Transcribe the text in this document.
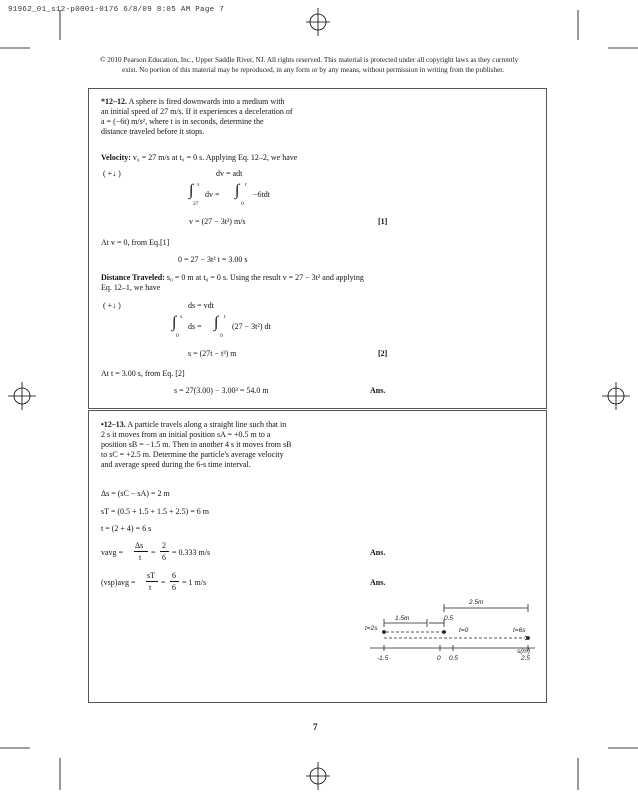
91962_01_s12-p0001-0176 6/8/09 8:05 AM Page 7
© 2010 Pearson Education, Inc., Upper Saddle River, NJ. All rights reserved. This material is protected under all copyright laws as they currently
exist. No portion of this material may be reproduced, in any form or by any means, without permission in writing from the publisher.
*12–12. A sphere is fired downwards into a medium with
an initial speed of 27 m/s. If it experiences a deceleration of
a = (−6t) m/s², where t is in seconds, determine the
distance traveled before it stops.
Velocity: v₀ = 27 m/s at t₀ = 0 s. Applying Eq. 12–2, we have
( +↓ )	dv = adt
∫ v
27
dv = ∫ t
0
−6tdt
v = (27 − 3t²) m/s	[1]
At v = 0, from Eq.[1]
0 = 27 − 3t² t = 3.00 s
Distance Traveled: s₀ = 0 m at t₀ = 0 s. Using the result v = 27 − 3t² and applying
Eq. 12–1, we have
( +↓ )	ds = vdt
∫ s
0
ds = ∫ t
0
(27 − 3t²) dt
s = (27t − t³) m	[2]
At t = 3.00 s, from Eq. [2]
s = 27(3.00) − 3.00³ = 54.0 m	Ans.
•12–13. A particle travels along a straight line such that in
2 s it moves from an initial position sA = +0.5 m to a
position sB = −1.5 m. Then in another 4 s it moves from sB
to sC = +2.5 m. Determine the particle's average velocity
and average speed during the 6-s time interval.
Δs = (sC − sA) = 2 m
sT = (0.5 + 1.5 + 1.5 + 2.5) = 6 m
t = (2 + 4) = 6 s
vavg =
Δs
t
=
2
6
= 0.333 m/s	Ans.
(vsp)avg =
sT
t
=
6
6
= 1 m/s	Ans.
2.5m
1.5m	0.5
t=2s	t=0	t=6s
-1.5	0 0.5	2.5
s(m)
7
